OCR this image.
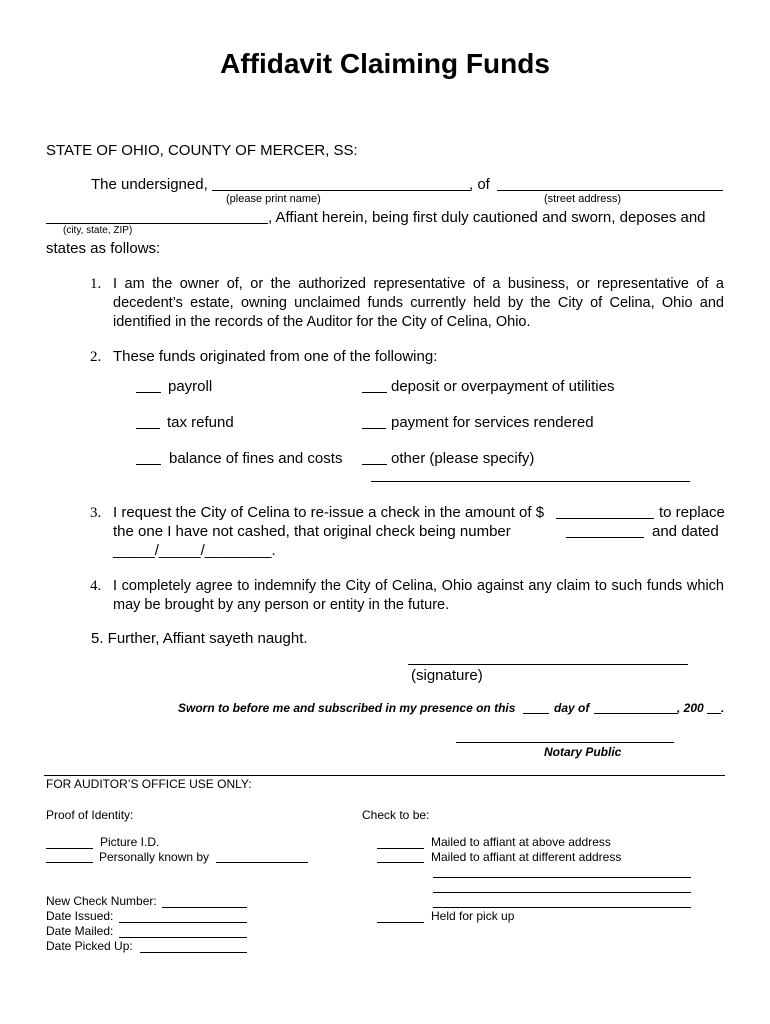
Affidavit Claiming Funds
STATE OF OHIO, COUNTY OF MERCER, SS:
The undersigned,	, of
(please print name)	(street address)
, Affiant herein, being first duly cautioned and sworn, deposes and
(city, state, ZIP)
states as follows:
1. I am the owner of, or the authorized representative of a business, or representative of a decedent’s estate, owning unclaimed funds currently held by the City of Celina, Ohio and identified in the records of the Auditor for the City of Celina, Ohio.
2. These funds originated from one of the following:
payroll	deposit or overpayment of utilities
tax refund	payment for services rendered
balance of fines and costs	other (please specify)
3. I request the City of Celina to re-issue a check in the amount of $	to replace
the one I have not cashed, that original check being number	and dated
_____/_____/________.
4. I completely agree to indemnify the City of Celina, Ohio against any claim to such funds which may be brought by any person or entity in the future.
5. Further, Affiant sayeth naught.
(signature)
Sworn to before me and subscribed in my presence on this	day of	, 200 .
Notary Public
FOR AUDITOR’S OFFICE USE ONLY:
Proof of Identity:	Check to be:
Picture I.D.
Personally known by
Mailed to affiant at above address
Mailed to affiant at different address
Held for pick up
New Check Number:
Date Issued:
Date Mailed:
Date Picked Up:
